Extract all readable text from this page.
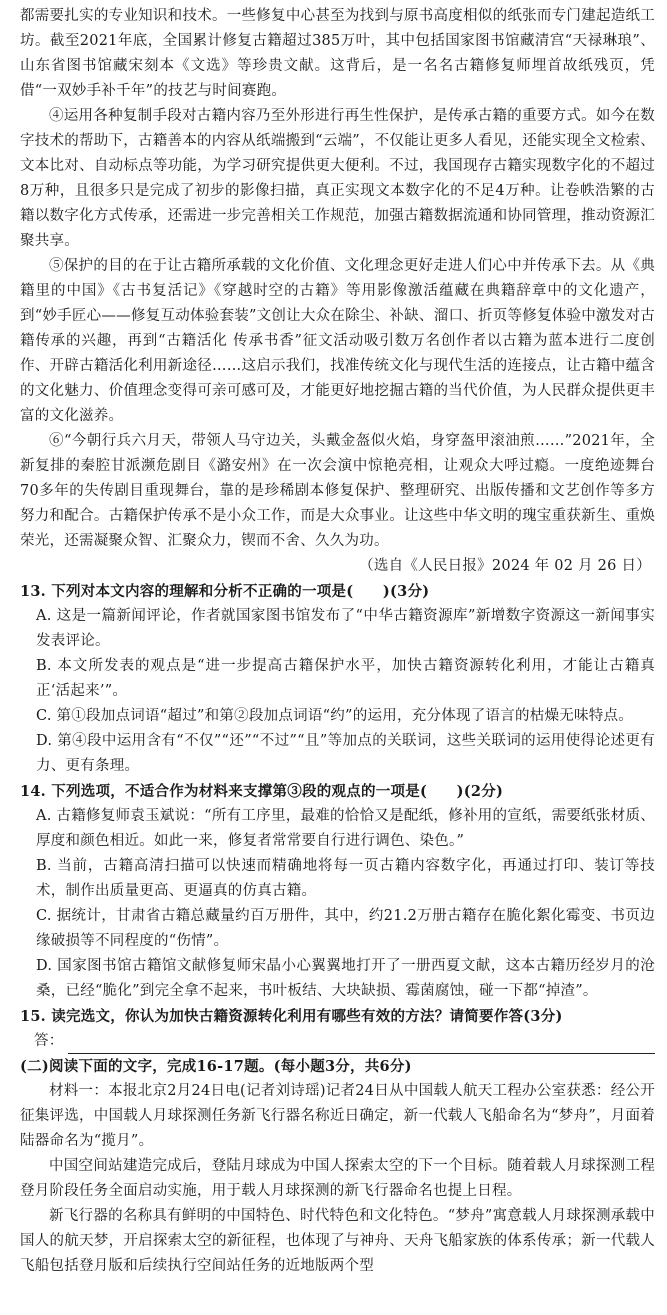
都需要扎实的专业知识和技术。一些修复中心甚至为找到与原书高度相似的纸张而专门建起造纸工坊。截至2021年底，全国累计修复古籍超过385万叶，其中包括国家图书馆藏清宫“天禄琳琅”、山东省图书馆藏宋刻本《文选》等珍贵文献。这背后，是一名名古籍修复师埋首故纸残页，凭借“一双妙手补千年”的技艺与时间赛跑。

④运用各种复制手段对古籍内容乃至外形进行再生性保护，是传承古籍的重要方式。如今在数字技术的帮助下，古籍善本的内容从纸端搬到“云端”，不仅能让更多人看见，还能实现全文检索、文本比对、自动标点等功能，为学习研究提供更大便利。不过，我国现存古籍实现数字化的不超过8万种，且很多只是完成了初步的影像扫描，真正实现文本数字化的不足4万种。让卷帙浩繁的古籍以数字化方式传承，还需进一步完善相关工作规范，加强古籍数据流通和协同管理，推动资源汇聚共享。

⑤保护的目的在于让古籍所承载的文化价值、文化理念更好走进人们心中并传承下去。从《典籍里的中国》《古书复活记》《穿越时空的古籍》等用影像激活蕴藏在典籍辞章中的文化遗产，到“妙手匠心——修复互动体验套装”文创让大众在除尘、补缺、溜口、折页等修复体验中激发对古籍传承的兴趣，再到“古籍活化 传承书香”征文活动吸引数万名创作者以古籍为蓝本进行二度创作、开辟古籍活化利用新途径……这启示我们，找准传统文化与现代生活的连接点，让古籍中蕴含的文化魅力、价值理念变得可亲可感可及，才能更好地挖掘古籍的当代价值，为人民群众提供更丰富的文化滋养。

⑥“今朝行兵六月天，带领人马守边关，头戴金盔似火焰，身穿盔甲滚油煎……”2021年，全新复排的秦腔甘派濒危剧目《潞安州》在一次会演中惊艳亮相，让观众大呼过瘾。一度绝迹舞台70多年的失传剧目重现舞台，靠的是珍稀剧本修复保护、整理研究、出版传播和文艺创作等多方努力和配合。古籍保护传承不是小众工作，而是大众事业。让这些中华文明的瑰宝重获新生、重焕荣光，还需凝聚众智、汇聚众力，锲而不舍、久久为功。

（选自《人民日报》2024 年 02 月 26 日）

13. 下列对本文内容的理解和分析不正确的一项是(　　)(3分)

A. 这是一篇新闻评论，作者就国家图书馆发布了“中华古籍资源库”新增数字资源这一新闻事实发表评论。

B. 本文所发表的观点是“进一步提高古籍保护水平，加快古籍资源转化利用，才能让古籍真正‘活起来’”。

C. 第①段加点词语“超过”和第②段加点词语“约”的运用，充分体现了语言的枯燥无味特点。

D. 第④段中运用含有“不仅”“还”“不过”“且”等加点的关联词，这些关联词的运用使得论述更有力、更有条理。

14. 下列选项，不适合作为材料来支撑第③段的观点的一项是(　　)(2分)

A. 古籍修复师袁玉斌说：“所有工序里，最难的恰恰又是配纸，修补用的宣纸，需要纸张材质、厚度和颜色相近。如此一来，修复者常常要自行进行调色、染色。”

B. 当前，古籍高清扫描可以快速而精确地将每一页古籍内容数字化，再通过打印、装订等技术，制作出质量更高、更逼真的仿真古籍。

C. 据统计，甘肃省古籍总藏量约百万册件，其中，约21.2万册古籍存在脆化絮化霉变、书页边缘破损等不同程度的“伤情”。

D. 国家图书馆古籍馆文献修复师宋晶小心翼翼地打开了一册西夏文献，这本古籍历经岁月的沧桑，已经“脆化”到完全拿不起来，书叶板结、大块缺损、霉菌腐蚀，碰一下都“掉渣”。

15. 读完选文，你认为加快古籍资源转化利用有哪些有效的方法？请简要作答(3分)

答：

(二)阅读下面的文字，完成16-17题。(每小题3分，共6分)

材料一：本报北京2月24日电(记者刘诗瑶)记者24日从中国载人航天工程办公室获悉：经公开征集评选，中国载人月球探测任务新飞行器名称近日确定，新一代载人飞船命名为“梦舟”，月面着陆器命名为“揽月”。

中国空间站建造完成后，登陆月球成为中国人探索太空的下一个目标。随着载人月球探测工程登月阶段任务全面启动实施，用于载人月球探测的新飞行器命名也提上日程。

新飞行器的名称具有鲜明的中国特色、时代特色和文化特色。“梦舟”寓意载人月球探测承载中国人的航天梦，开启探索太空的新征程，也体现了与神舟、天舟飞船家族的体系传承；新一代载人飞船包括登月版和后续执行空间站任务的近地版两个型
